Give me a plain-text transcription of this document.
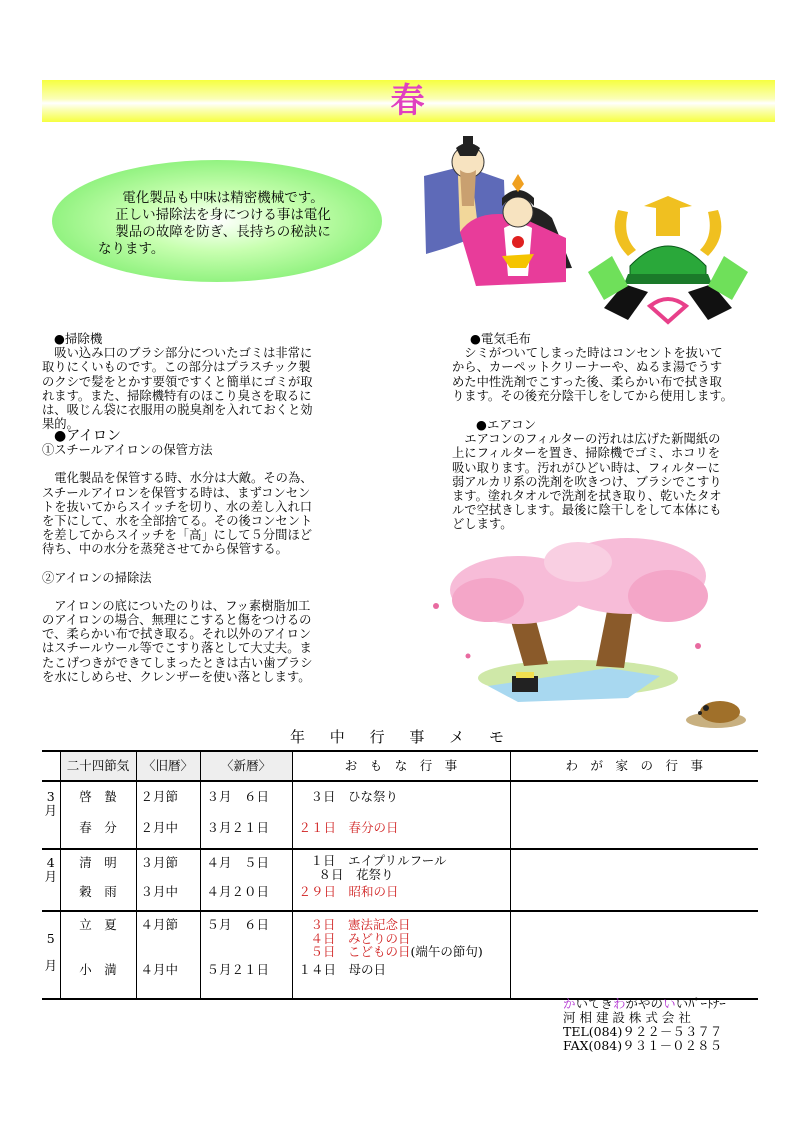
春
電化製品も中味は精密機械です。
正しい掃除法を身につける事は電化
製品の故障を防ぎ、長持ちの秘訣に
なります。

●掃除機

吸い込み口のブラシ部分についたゴミは非常に

取りにくいものです。この部分はプラスチック製

のクシで髪をとかす要領ですくと簡単にゴミが取

れます。また、掃除機特有のほこり臭さを取るに

は、吸じん袋に衣服用の脱臭剤を入れておくと効

果的。

●アイロン

①スチールアイロンの保管方法

電化製品を保管する時、水分は大敵。その為、

スチールアイロンを保管する時は、まずコンセン

トを抜いてからスイッチを切り、水の差し入れ口

を下にして、水を全部捨てる。その後コンセント

を差してからスイッチを「高」にして５分間ほど

待ち、中の水分を蒸発させてから保管する。

②アイロンの掃除法

アイロンの底についたのりは、フッ素樹脂加工

のアイロンの場合、無理にこすると傷をつけるの

で、柔らかい布で拭き取る。それ以外のアイロン

はスチールウール等でこすり落として大丈夫。ま

たこげつきができてしまったときは古い歯ブラシ

を水にしめらせ、クレンザーを使い落とします。

●電気毛布

シミがついてしまった時はコンセントを抜いて

から、カーペットクリーナーや、ぬるま湯でうす

めた中性洗剤でこすった後、柔らかい布で拭き取

ります。その後充分陰干しをしてから使用します。

●エアコン

エアコンのフィルターの汚れは広げた新聞紙の

上にフィルターを置き、掃除機でゴミ、ホコリを

吸い取ります。汚れがひどい時は、フィルターに

弱アルカリ系の洗剤を吹きつけ、ブラシでこすり

ます。塗れタオルで洗剤を拭き取り、乾いたタオ

ルで空拭きします。最後に陰干しをして本体にも

どします。

年 中 行 事 メ モ
	二十四節気	〈旧暦〉	〈新暦〉	お　も　な　行　事	わ　が　家　の　行　事
3
月	啓　蟄	２月節	３月　６日	３日　ひな祭り	
	春　分	２月中	３月２１日	２１日　春分の日	
4
月	清　明	３月節	４月　５日	１日　エイプリルフール
８日　花祭り	
	穀　雨	３月中	４月２０日	２９日　昭和の日	
5

月	立　夏	４月節	５月　６日	３日　憲法記念日
４日　みどりの日
５日　こどもの日(端午の節句)	
	小　満	４月中	５月２１日	１４日　母の日	
かいてきわがやのいいﾊﾟｰﾄﾅｰ
河 相 建 設 株 式 会 社
TEL(084)９２２－５３７７
FAX(084)９３１－０２８５
